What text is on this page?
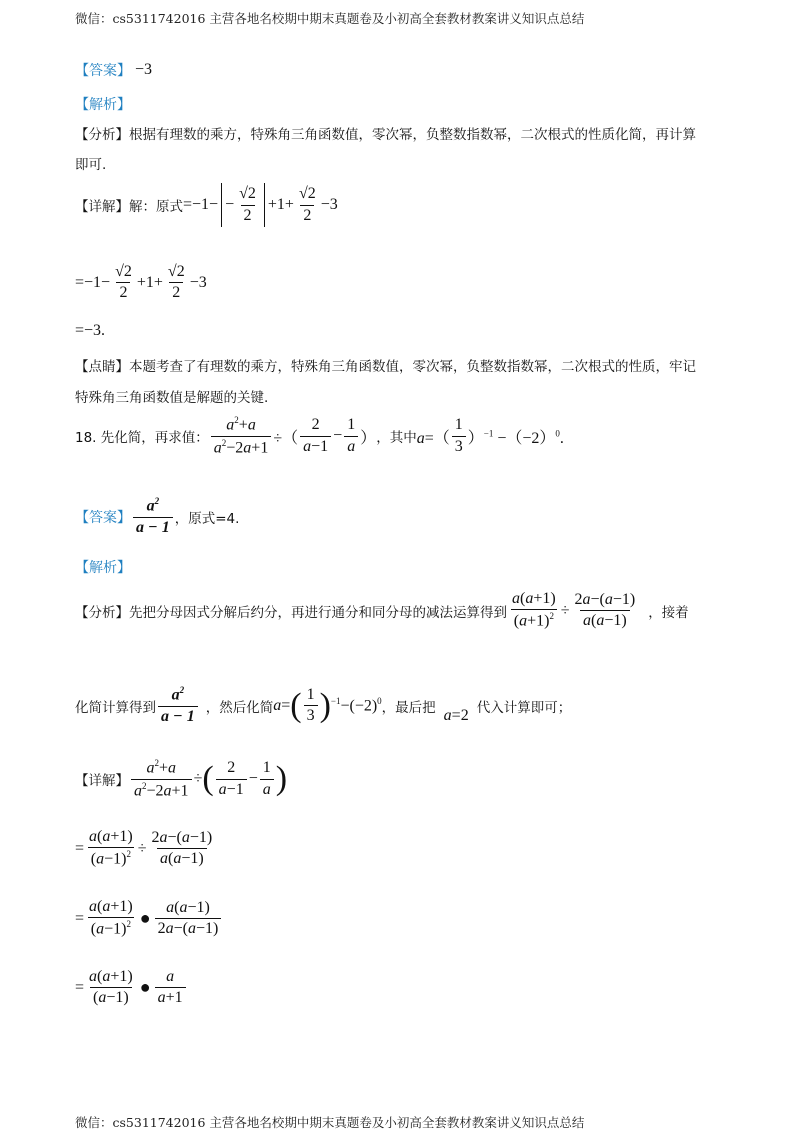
微信：cs5311742016 主营各地名校期中期末真题卷及小初高全套教材教案讲义知识点总结
【答案】 −3
【解析】
【分析】根据有理数的乘方，特殊角三角函数值，零次幂，负整数指数幂，二次根式的性质化简，再计算
即可.
【详解】 解：原式 $=-1- - \frac{√2}{2} +1+ \frac{√2}{2} -3$
$=-1- \frac{√2}{2} +1+ \frac{√2}{2} -3$
=−3.
【点睛】本题考查了有理数的乘方，特殊角三角函数值，零次幂，负整数指数幂，二次根式的性质，牢记
特殊角三角函数值是解题的关键.
18. 先化简，再求值： $\frac{a^2+a}{a^2-2a+1}$ ÷（ $\frac{2}{a-1} - \frac{1}{a}$ ） ，其中 $a=( \frac{1}{3} )^{-1} -(-2)^0$.
【答案】 $\frac{a^2}{a - 1}$ ，原式=4.
【解析】
【分析】 先把分母因式分解后约分，再进行通分和同分母的减法运算得到 $\frac{a(a+1)}{(a+1)^2} \div \frac{2a-(a-1)}{a(a-1)}$ ，接着
化简计算得到 $\frac{a^2}{a - 1}$ ，然后化简 a= ( $\frac{1}{3}$ ) $^{-1}-(-2)^0$ ，最后把 a=2 代入计算即可；
【详解】 $\frac{a^2+a}{a^2-2a+1}$ ÷ ( $\frac{2}{a-1} - \frac{1}{a}$ )
= $\frac{a(a+1)}{(a-1)^2} \div \frac{2a-(a-1)}{a(a-1)}$
= $\frac{a(a+1)}{(a-1)^2}$ ● $\frac{a(a-1)}{2a-(a-1)}$
= $\frac{a(a+1)}{(a-1)}$ ● $\frac{a}{a+1}$
微信：cs5311742016 主营各地名校期中期末真题卷及小初高全套教材教案讲义知识点总结
